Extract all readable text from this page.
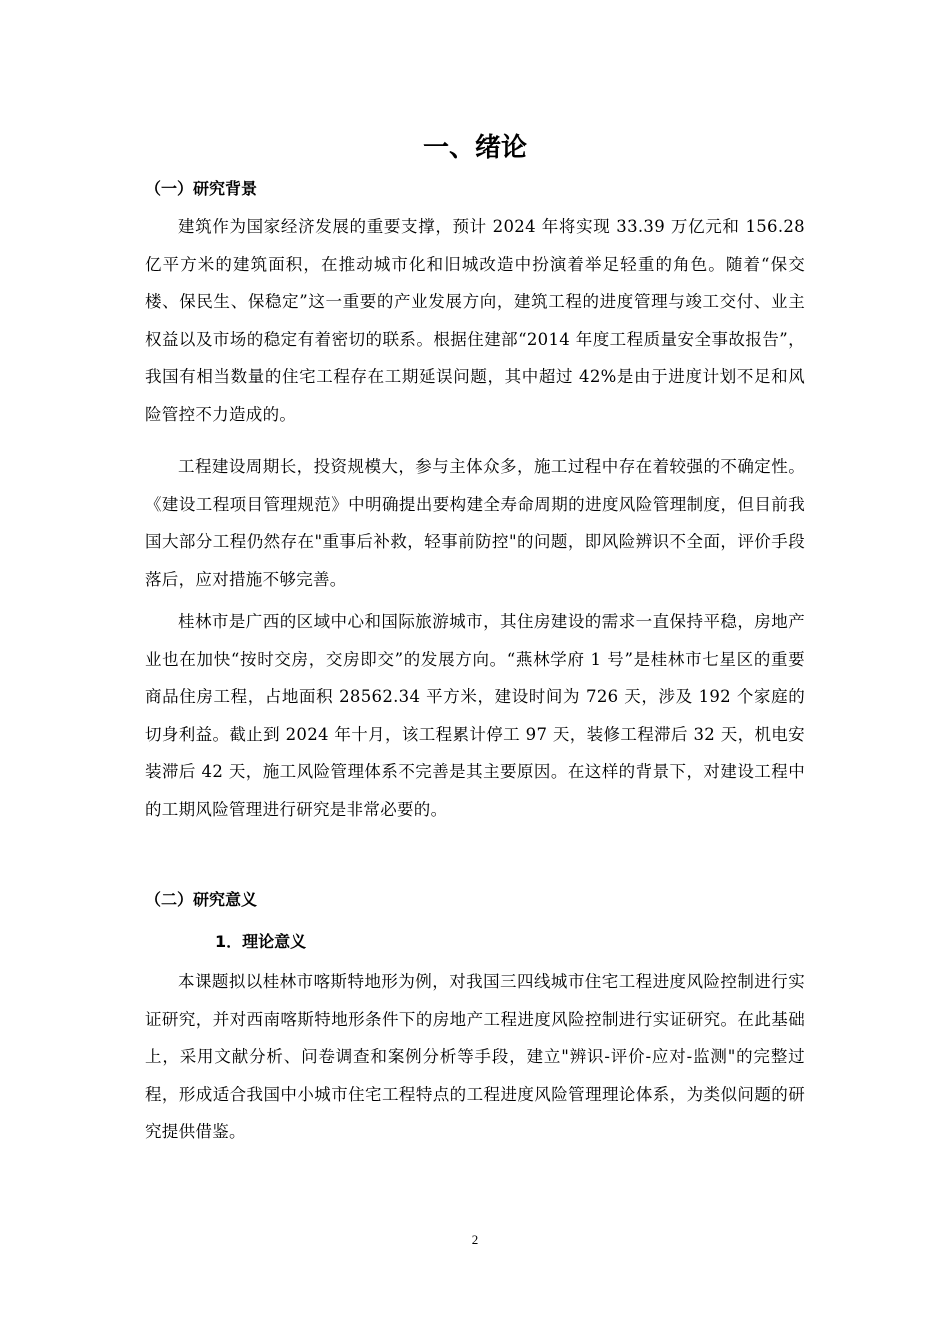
一、绪论
（一）研究背景

建筑作为国家经济发展的重要支撑，预计 2024 年将实现 33.39 万亿元和 156.28 亿平方米的建筑面积，在推动城市化和旧城改造中扮演着举足轻重的角色。随着“保交楼、保民生、保稳定”这一重要的产业发展方向，建筑工程的进度管理与竣工交付、业主权益以及市场的稳定有着密切的联系。根据住建部“2014 年度工程质量安全事故报告”，我国有相当数量的住宅工程存在工期延误问题，其中超过 42%是由于进度计划不足和风险管控不力造成的。

工程建设周期长，投资规模大，参与主体众多，施工过程中存在着较强的不确定性。《建设工程项目管理规范》中明确提出要构建全寿命周期的进度风险管理制度，但目前我国大部分工程仍然存在"重事后补救，轻事前防控"的问题，即风险辨识不全面，评价手段落后，应对措施不够完善。

桂林市是广西的区域中心和国际旅游城市，其住房建设的需求一直保持平稳，房地产业也在加快“按时交房，交房即交”的发展方向。“燕林学府 1 号”是桂林市七星区的重要商品住房工程，占地面积 28562.34 平方米，建设时间为 726 天，涉及 192 个家庭的切身利益。截止到 2024 年十月，该工程累计停工 97 天，装修工程滞后 32 天，机电安装滞后 42 天，施工风险管理体系不完善是其主要原因。在这样的背景下，对建设工程中的工期风险管理进行研究是非常必要的。

（二）研究意义
1．理论意义

本课题拟以桂林市喀斯特地形为例，对我国三四线城市住宅工程进度风险控制进行实证研究，并对西南喀斯特地形条件下的房地产工程进度风险控制进行实证研究。在此基础上，采用文献分析、问卷调查和案例分析等手段，建立"辨识-评价-应对-监测"的完整过程，形成适合我国中小城市住宅工程特点的工程进度风险管理理论体系，为类似问题的研究提供借鉴。

2
